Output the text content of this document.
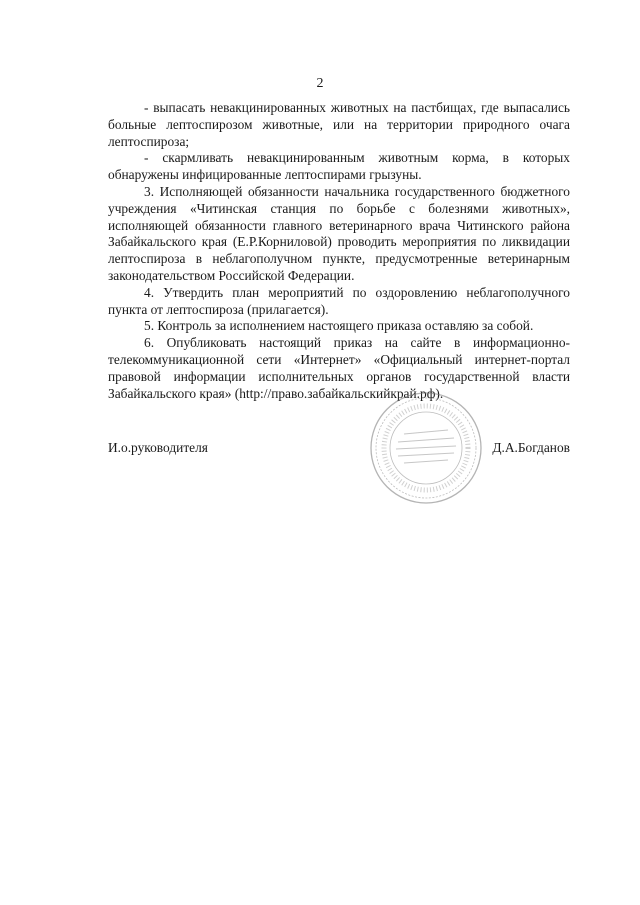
2

- выпасать невакцинированных животных на пастбищах, где выпасались больные лептоспирозом животные, или на территории природного очага лептоспироза;

- скармливать невакцинированным животным корма, в которых обнаружены инфицированные лептоспирами грызуны.

3. Исполняющей обязанности начальника государственного бюджетного учреждения «Читинская станция по борьбе с болезнями животных», исполняющей обязанности главного ветеринарного врача Читинского района Забайкальского края (Е.Р.Корниловой) проводить мероприятия по ликвидации лептоспироза в неблагополучном пункте, предусмотренные ветеринарным законодательством Российской Федерации.

4. Утвердить план мероприятий по оздоровлению неблагополучного пункта от лептоспироза (прилагается).

5. Контроль за исполнением настоящего приказа оставляю за собой.

6. Опубликовать настоящий приказ на сайте в информационно-телекоммуникационной сети «Интернет» «Официальный интернет-портал правовой информации исполнительных органов государственной власти Забайкальского края» (http://право.забайкальскийкрай.рф).

И.о.руководителя	Д.А.Богданов
